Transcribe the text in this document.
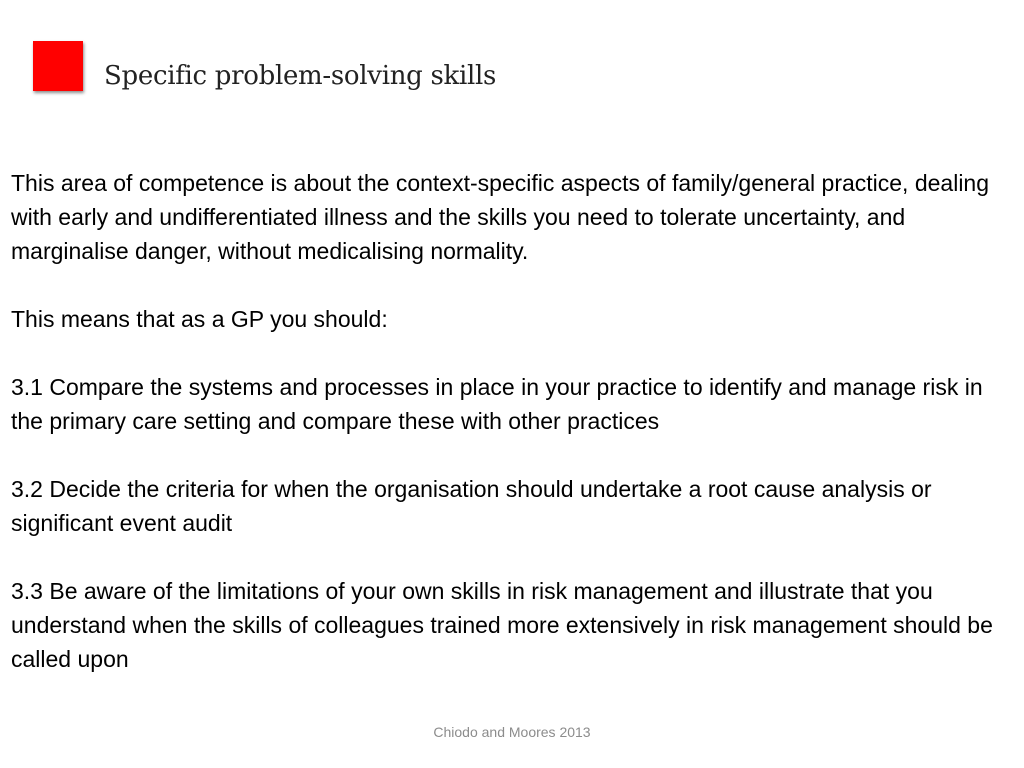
Specific problem-solving skills

This area of competence is about the context-specific aspects of family/general practice, dealing with early and undifferentiated illness and the skills you need to tolerate uncertainty, and marginalise danger, without medicalising normality.

This means that as a GP you should:

3.1 Compare the systems and processes in place in your practice to identify and manage risk in the primary care setting and compare these with other practices

3.2 Decide the criteria for when the organisation should undertake a root cause analysis or significant event audit

3.3 Be aware of the limitations of your own skills in risk management and illustrate that you understand when the skills of colleagues trained more extensively in risk management should be called upon

Chiodo and Moores 2013
